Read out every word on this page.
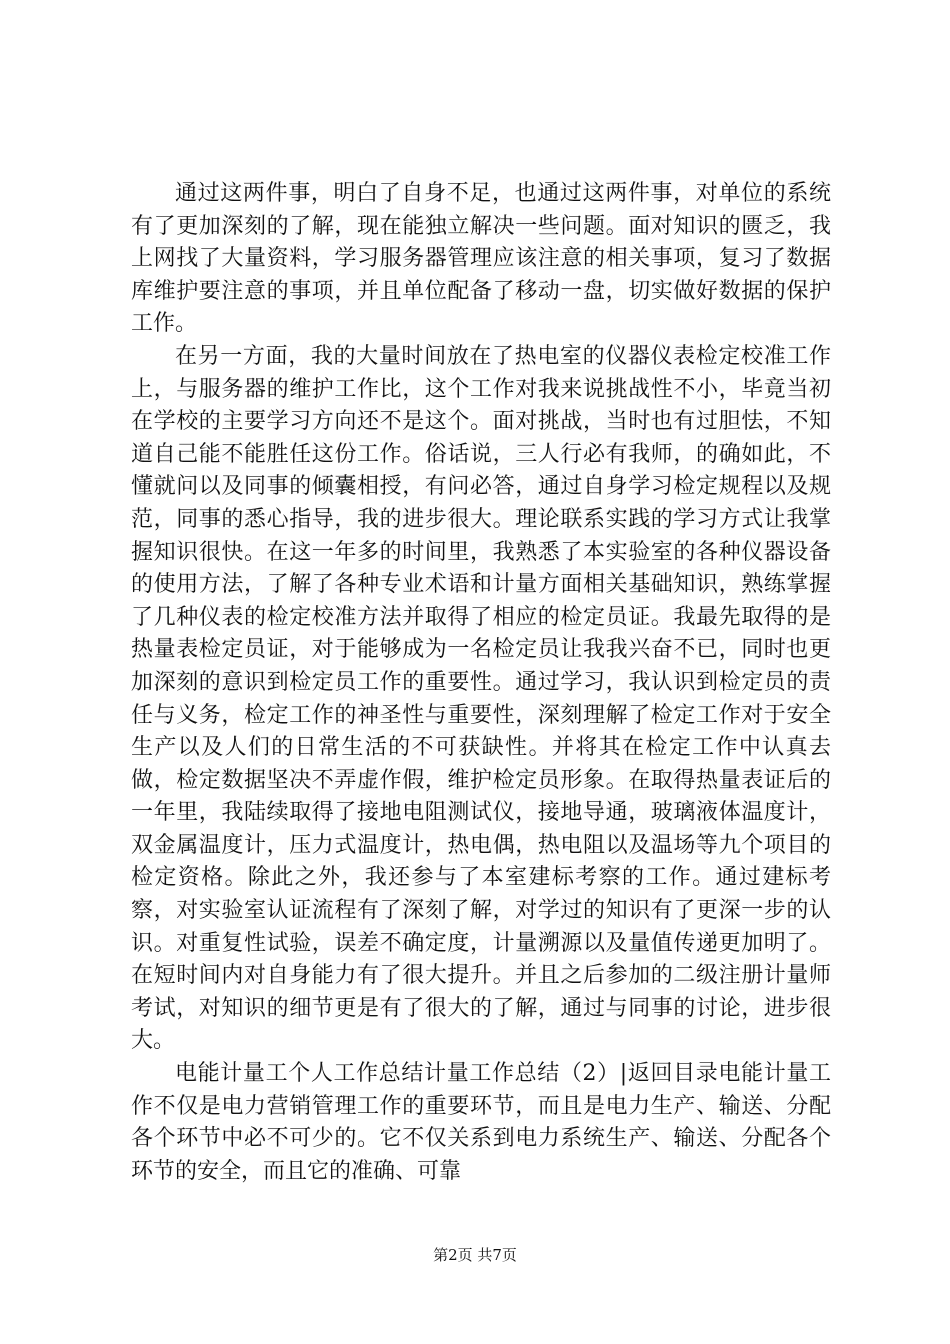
通过这两件事，明白了自身不足，也通过这两件事，对单位的系统有了更加深刻的了解，现在能独立解决一些问题。面对知识的匮乏，我上网找了大量资料，学习服务器管理应该注意的相关事项，复习了数据库维护要注意的事项，并且单位配备了移动一盘，切实做好数据的保护工作。

在另一方面，我的大量时间放在了热电室的仪器仪表检定校准工作上，与服务器的维护工作比，这个工作对我来说挑战性不小，毕竟当初在学校的主要学习方向还不是这个。面对挑战，当时也有过胆怯，不知道自己能不能胜任这份工作。俗话说，三人行必有我师，的确如此，不懂就问以及同事的倾囊相授，有问必答，通过自身学习检定规程以及规范，同事的悉心指导，我的进步很大。理论联系实践的学习方式让我掌握知识很快。在这一年多的时间里，我熟悉了本实验室的各种仪器设备的使用方法，了解了各种专业术语和计量方面相关基础知识，熟练掌握了几种仪表的检定校准方法并取得了相应的检定员证。我最先取得的是热量表检定员证，对于能够成为一名检定员让我我兴奋不已，同时也更加深刻的意识到检定员工作的重要性。通过学习，我认识到检定员的责任与义务，检定工作的神圣性与重要性，深刻理解了检定工作对于安全生产以及人们的日常生活的不可获缺性。并将其在检定工作中认真去做，检定数据坚决不弄虚作假，维护检定员形象。在取得热量表证后的一年里，我陆续取得了接地电阻测试仪，接地导通，玻璃液体温度计，双金属温度计，压力式温度计，热电偶，热电阻以及温场等九个项目的检定资格。除此之外，我还参与了本室建标考察的工作。通过建标考察，对实验室认证流程有了深刻了解，对学过的知识有了更深一步的认识。对重复性试验，误差不确定度，计量溯源以及量值传递更加明了。在短时间内对自身能力有了很大提升。并且之后参加的二级注册计量师考试，对知识的细节更是有了很大的了解，通过与同事的讨论，进步很大。

电能计量工个人工作总结计量工作总结（2）|返回目录电能计量工作不仅是电力营销管理工作的重要环节，而且是电力生产、输送、分配各个环节中必不可少的。它不仅关系到电力系统生产、输送、分配各个环节的安全，而且它的准确、可靠

第2页 共7页
